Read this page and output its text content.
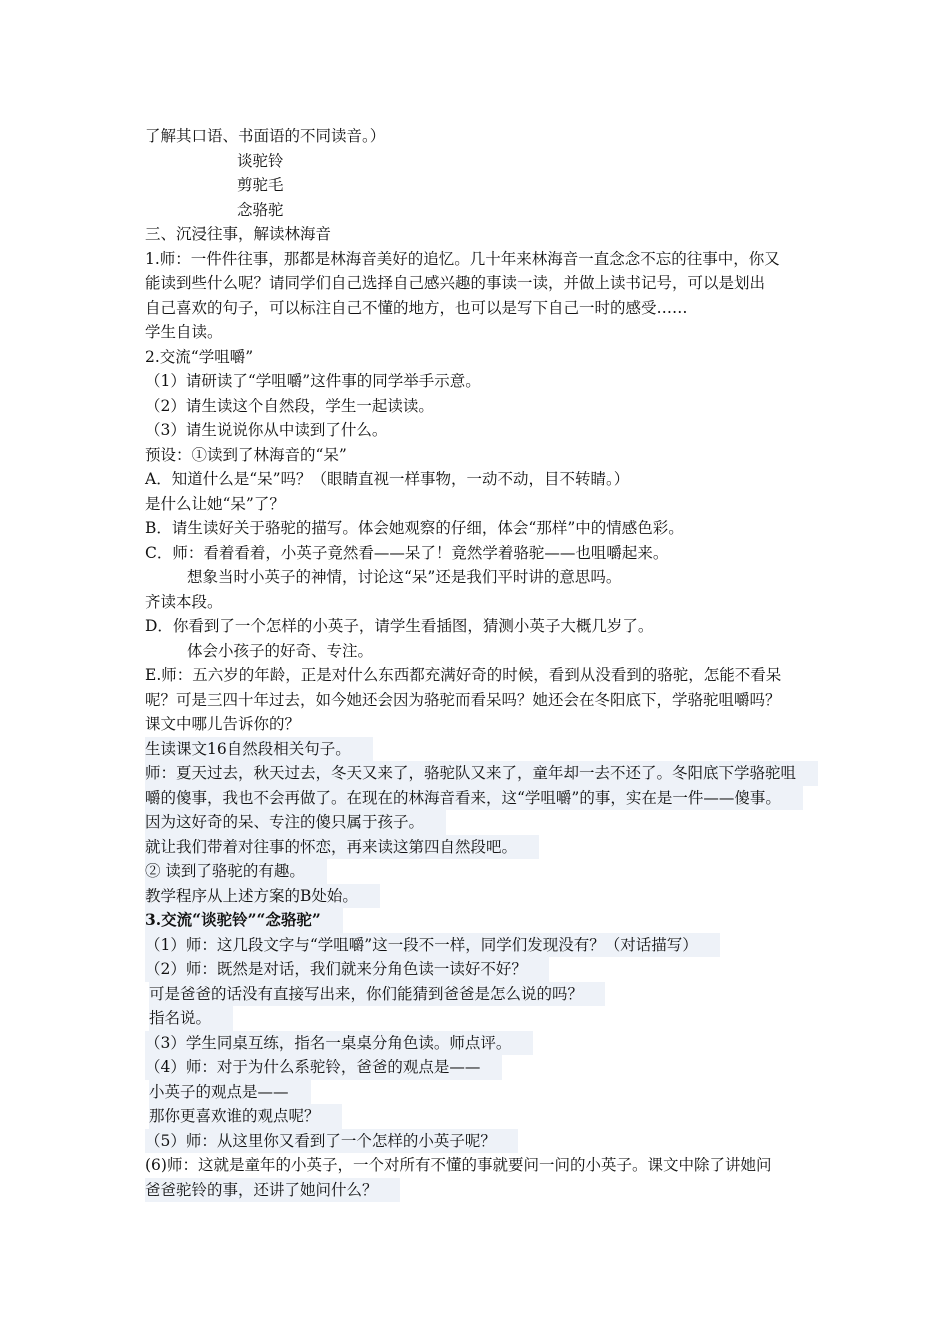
了解其口语、书面语的不同读音。）
谈驼铃
剪驼毛
念骆驼
三、沉浸往事，解读林海音
1.师：一件件往事，那都是林海音美好的追忆。几十年来林海音一直念念不忘的往事中，你又
能读到些什么呢？请同学们自己选择自己感兴趣的事读一读，并做上读书记号，可以是划出
自己喜欢的句子，可以标注自己不懂的地方，也可以是写下自己一时的感受……
学生自读。
2.交流“学咀嚼”
（1）请研读了“学咀嚼”这件事的同学举手示意。
（2）请生读这个自然段，学生一起读读。
（3）请生说说你从中读到了什么。
预设：①读到了林海音的“呆”
A．知道什么是“呆”吗？（眼睛直视一样事物，一动不动，目不转睛。）
是什么让她“呆”了？
B．请生读好关于骆驼的描写。体会她观察的仔细，体会“那样”中的情感色彩。
C．师：看着看着，小英子竟然看——呆了！竟然学着骆驼——也咀嚼起来。
想象当时小英子的神情，讨论这“呆”还是我们平时讲的意思吗。
齐读本段。
D．你看到了一个怎样的小英子，请学生看插图，猜测小英子大概几岁了。
体会小孩子的好奇、专注。
E.师：五六岁的年龄，正是对什么东西都充满好奇的时候，看到从没看到的骆驼，怎能不看呆
呢？可是三四十年过去，如今她还会因为骆驼而看呆吗？她还会在冬阳底下，学骆驼咀嚼吗？
课文中哪儿告诉你的？
生读课文16自然段相关句子。
师：夏天过去，秋天过去，冬天又来了，骆驼队又来了，童年却一去不还了。冬阳底下学骆驼咀
嚼的傻事，我也不会再做了。在现在的林海音看来，这“学咀嚼”的事，实在是一件——傻事。
因为这好奇的呆、专注的傻只属于孩子。
就让我们带着对往事的怀恋，再来读这第四自然段吧。
② 读到了骆驼的有趣。
教学程序从上述方案的B处始。
3.交流“谈驼铃”“念骆驼”
（1）师：这几段文字与“学咀嚼”这一段不一样，同学们发现没有？（对话描写）
（2）师：既然是对话，我们就来分角色读一读好不好？
可是爸爸的话没有直接写出来，你们能猜到爸爸是怎么说的吗？
指名说。
（3）学生同桌互练，指名一桌桌分角色读。师点评。
（4）师：对于为什么系驼铃，爸爸的观点是——
小英子的观点是——
那你更喜欢谁的观点呢？
（5）师：从这里你又看到了一个怎样的小英子呢？
(6)师：这就是童年的小英子，一个对所有不懂的事就要问一问的小英子。课文中除了讲她问
爸爸驼铃的事，还讲了她问什么？
